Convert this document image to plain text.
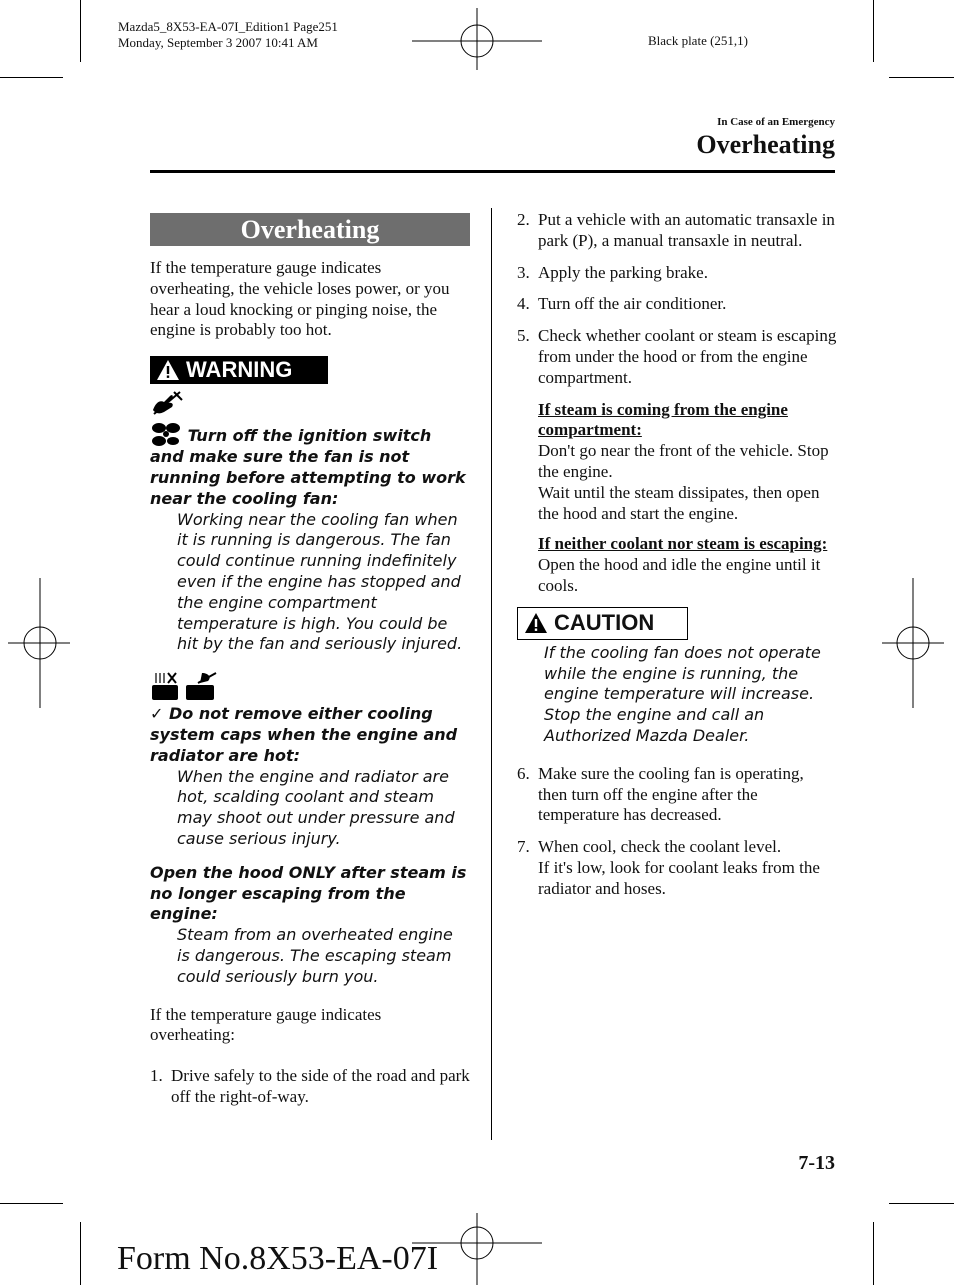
Mazda5_8X53-EA-07I_Edition1 Page251
Monday, September 3 2007 10:41 AM	Black plate (251,1)
In Case of an Emergency
Overheating
Overheating

If the temperature gauge indicates overheating, the vehicle loses power, or you hear a loud knocking or pinging noise, the engine is probably too hot.

WARNING
Turn off the ignition switch and make sure the fan is not running before attempting to work near the cooling fan:
Working near the cooling fan when it is running is dangerous. The fan could continue running indefinitely even if the engine has stopped and the engine compartment temperature is high. You could be hit by the fan and seriously injured.
✓ Do not remove either cooling system caps when the engine and radiator are hot:
When the engine and radiator are hot, scalding coolant and steam may shoot out under pressure and cause serious injury.
Open the hood ONLY after steam is no longer escaping from the engine:
Steam from an overheated engine is dangerous. The escaping steam could seriously burn you.

If the temperature gauge indicates overheating:

1. Drive safely to the side of the road and park off the right-of-way.
2. Put a vehicle with an automatic transaxle in park (P), a manual transaxle in neutral.
3. Apply the parking brake.
4. Turn off the air conditioner.
5. Check whether coolant or steam is escaping from under the hood or from the engine compartment.
If steam is coming from the engine compartment:
Don't go near the front of the vehicle. Stop the engine.
Wait until the steam dissipates, then open the hood and start the engine.
If neither coolant nor steam is escaping:
Open the hood and idle the engine until it cools.
CAUTION
If the cooling fan does not operate while the engine is running, the engine temperature will increase. Stop the engine and call an Authorized Mazda Dealer.
6. Make sure the cooling fan is operating, then turn off the engine after the temperature has decreased.
7. When cool, check the coolant level.
If it's low, look for coolant leaks from the radiator and hoses.
7-13
Form No.8X53-EA-07I
